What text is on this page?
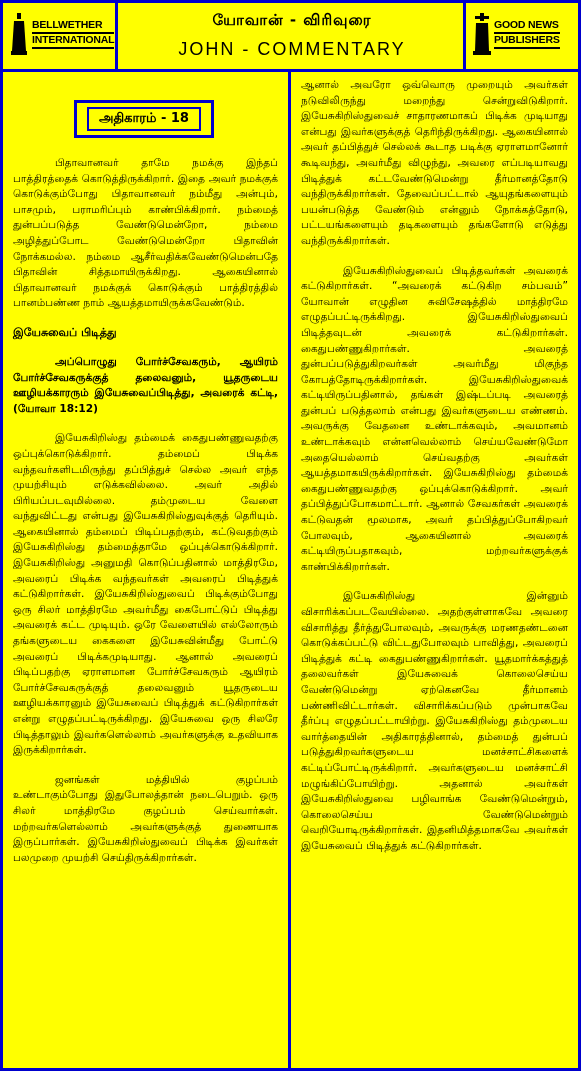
BELLWETHER
INTERNATIONAL
யோவான் - விரிவுரை
JOHN - COMMENTARY
GOOD NEWS
PUBLISHERS
அதிகாரம் - 18

பிதாவானவர் தாமே நமக்கு இந்தப் பாத்திரத்தைக் கொடுத்திருக்கிறார். இதை அவர் நமக்குக் கொடுக்கும்போது பிதாவானவர் நம்மீது அன்பும், பாசமும், பராமரிப்பும் காண்பிக்கிறார். நம்மைத் துன்பப்படுத்த வேண்டுமென்றோ, நம்மை அழித்துப்போட வேண்டுமென்றோ பிதாவின் நோக்கமல்ல. நம்மை ஆசீர்வதிக்கவேண்டுமென்பதே பிதாவின் சித்தமாயிருக்கிறது. ஆகையினால் பிதாவானவர் நமக்குக் கொடுக்கும் பாத்திரத்தில் பானம்பண்ண நாம் ஆயத்தமாயிருக்கவேண்டும்.

இயேசுவைப் பிடித்து

அப்பொழுது போர்ச்சேவகரும், ஆயிரம் போர்ச்சேவகருக்குத் தலைவனும், யூதருடைய ஊழியக்காரரும் இயேசுவைப்பிடித்து, அவரைக் கட்டி, (யோவா 18:12)

இயேசுகிறிஸ்து தம்மைக் கைதுபண்ணுவதற்கு ஒப்புக்கொடுக்கிறார். தம்மைப் பிடிக்க வந்தவர்களிடமிருந்து தப்பித்துச் செல்ல அவர் எந்த முயற்சியும் எடுக்கவில்லை. அவர் அதில் பிரியப்படவுமில்லை. தம்முடைய வேளை வந்துவிட்டது என்பது இயேசுகிறிஸ்துவுக்குத் தெரியும். ஆகையினால் தம்மைப் பிடிப்பதற்கும், கட்டுவதற்கும் இயேசுகிறிஸ்து தம்மைத்தாமே ஒப்புக்கொடுக்கிறார். இயேசுகிறிஸ்து அனுமதி கொடுப்பதினால் மாத்திரமே, அவரைப் பிடிக்க வந்தவர்கள் அவரைப் பிடித்துக் கட்டுகிறார்கள். இயேசுகிறிஸ்துவைப் பிடிக்கும்போது ஒரு சிலர் மாத்திரமே அவர்மீது கைபோட்டுப் பிடித்து அவரைக் கட்ட முடியும். ஒரே வேளையில் எல்லோரும் தங்களுடைய கைகளை இயேசுவின்மீது போட்டு அவரைப் பிடிக்கமுடியாது. ஆனால் அவரைப் பிடிப்பதற்கு ஏராளமான போர்ச்சேவகரும் ஆயிரம் போர்ச்சேவகருக்குத் தலைவனும் யூதருடைய ஊழியக்காரனும் இயேசுவைப் பிடித்துக் கட்டுகிறார்கள் என்று எழுதப்பட்டிருக்கிறது. இயேசுவை ஒரு சிலரே பிடித்தாலும் இவர்களெல்லாம் அவர்களுக்கு உதவியாக இருக்கிறார்கள்.

ஜனங்கள் மத்தியில் குழப்பம் உண்டாகும்போது இதுபோலத்தான் நடைபெறும். ஒரு சிலர் மாத்திரமே குழப்பம் செய்வார்கள். மற்றவர்களெல்லாம் அவர்களுக்குத் துணையாக இருப்பார்கள். இயேசுகிறிஸ்துவைப் பிடிக்க இவர்கள் பலமுறை முயற்சி செய்திருக்கிறார்கள்.

ஆனால் அவரோ ஒவ்வொரு முறையும் அவர்கள் நடுவிலிருந்து மறைந்து சென்றுவிடுகிறார். இயேசுகிறிஸ்துவைச் சாதாரணமாகப் பிடிக்க முடியாது என்பது இவர்களுக்குத் தெரிந்திருக்கிறது. ஆகையினால் அவர் தப்பித்துச் செல்லக் கூடாத படிக்கு ஏராளமானோர் கூடிவந்து, அவர்மீது விழுந்து, அவரை எப்படியாவது பிடித்துக் கட்டவேண்டுமென்று தீர்மானத்தோடு வந்திருக்கிறார்கள். தேவைப்பட்டால் ஆயுதங்களையும் பயன்படுத்த வேண்டும் என்னும் நோக்கத்தோடு, பட்டயங்களையும் தடிகளையும் தங்களோடு எடுத்து வந்திருக்கிறார்கள்.

இயேசுகிறிஸ்துவைப் பிடித்தவர்கள் அவரைக் கட்டுகிறார்கள். “அவரைக் கட்டுகிற சம்பவம்” யோவான் எழுதின சுவிசேஷத்தில் மாத்திரமே எழுதப்பட்டிருக்கிறது. இயேசுகிறிஸ்துவைப் பிடித்தவுடன் அவரைக் கட்டுகிறார்கள். கைதுபண்ணுகிறார்கள். அவரைத் துன்பப்படுத்துகிறவர்கள் அவர்மீது மிகுந்த கோபத்தோடிருக்கிறார்கள். இயேசுகிறிஸ்துவைக் கட்டியிருப்பதினால், தங்கள் இஷ்டப்படி அவரைத் துன்பப் படுத்தலாம் என்பது இவர்களுடைய எண்ணம். அவருக்கு வேதனை உண்டாக்கவும், அவமானம் உண்டாக்கவும் என்னவெல்லாம் செய்யவேண்டுமோ அதையெல்லாம் செய்வதற்கு அவர்கள் ஆயத்தமாகயிருக்கிறார்கள். இயேசுகிறிஸ்து தம்மைக் கைதுபண்ணுவதற்கு ஒப்புக்கொடுக்கிறார். அவர் தப்பித்துப்போகமாட்டார். ஆனால் சேவகர்கள் அவரைக் கட்டுவதன் மூலமாக, அவர் தப்பித்துப்போகிறவர் போலவும், ஆகையினால் அவரைக் கட்டியிருப்பதாகவும், மற்றவர்களுக்குக் காண்பிக்கிறார்கள்.

இயேசுகிறிஸ்து இன்னும் விசாரிக்கப்படவேயில்லை. அதற்குள்ளாகவே அவரை விசாரித்து தீர்த்துபோலவும், அவருக்கு மரணதண்டனை கொடுக்கப்பட்டு விட்டதுபோலவும் பாவித்து, அவரைப் பிடித்துக் கட்டி கைதுபண்ணுகிறார்கள். யூதமார்க்கத்துத் தலைவர்கள் இயேசுவைக் கொலைசெய்ய வேண்டுமென்று ஏற்கெனவே தீர்மானம் பண்ணிவிட்டார்கள். விசாரிக்கப்படும் முன்பாகவே தீர்ப்பு எழுதப்பட்டாயிற்று. இயேசுகிறிஸ்து தம்முடைய வார்த்தையின் அதிகாரத்தினால், தம்மைத் துன்பப் படுத்துகிறவர்களுடைய மனச்சாட்சிகளைக் கட்டிப்போட்டிருக்கிறார். அவர்களுடைய மனச்சாட்சி மழுங்கிப்போயிற்று. அதனால் அவர்கள் இயேசுகிறிஸ்துவை பழிவாங்க வேண்டுமென்றும், கொலைசெய்ய வேண்டுமென்றும் வெறியோடிருக்கிறார்கள். இதனிமித்தமாகவே அவர்கள் இயேசுவைப் பிடித்துக் கட்டுகிறார்கள்.
